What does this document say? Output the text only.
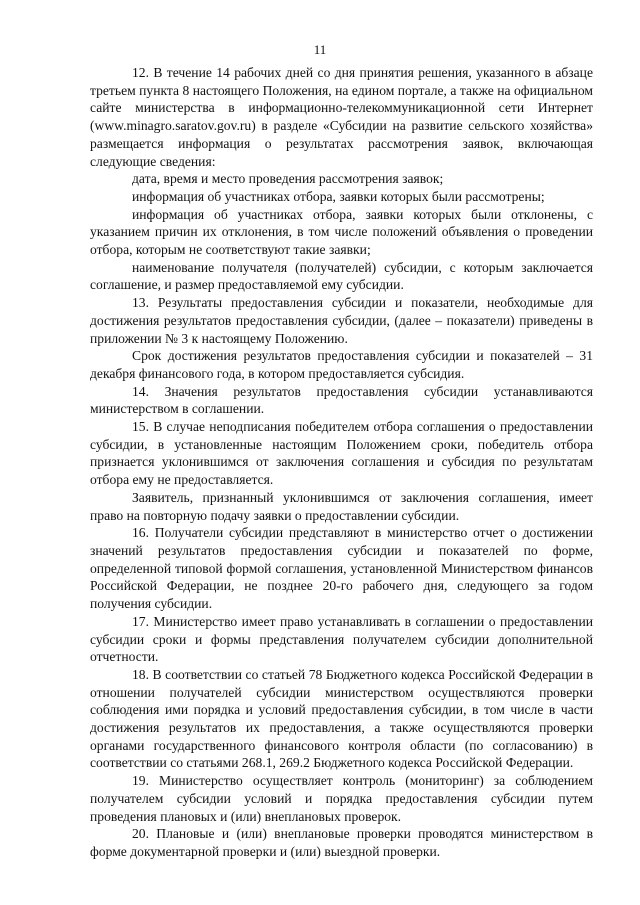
11

12. В течение 14 рабочих дней со дня принятия решения, указанного в абзаце третьем пункта 8 настоящего Положения, на едином портале, а также на официальном сайте министерства в информационно-телекоммуникационной сети Интернет (www.minagro.saratov.gov.ru) в разделе «Субсидии на развитие сельского хозяйства» размещается информация о результатах рассмотрения заявок, включающая следующие сведения:

дата, время и место проведения рассмотрения заявок;

информация об участниках отбора, заявки которых были рассмотрены;

информация об участниках отбора, заявки которых были отклонены, с указанием причин их отклонения, в том числе положений объявления о проведении отбора, которым не соответствуют такие заявки;

наименование получателя (получателей) субсидии, с которым заключается соглашение, и размер предоставляемой ему субсидии.

13. Результаты предоставления субсидии и показатели, необходимые для достижения результатов предоставления субсидии, (далее – показатели) приведены в приложении № 3 к настоящему Положению.

Срок достижения результатов предоставления субсидии и показателей – 31 декабря финансового года, в котором предоставляется субсидия.

14. Значения результатов предоставления субсидии устанавливаются министерством в соглашении.

15. В случае неподписания победителем отбора соглашения о предоставлении субсидии, в установленные настоящим Положением сроки, победитель отбора признается уклонившимся от заключения соглашения и субсидия по результатам отбора ему не предоставляется.

Заявитель, признанный уклонившимся от заключения соглашения, имеет право на повторную подачу заявки о предоставлении субсидии.

16. Получатели субсидии представляют в министерство отчет о достижении значений результатов предоставления субсидии и показателей по форме, определенной типовой формой соглашения, установленной Министерством финансов Российской Федерации, не позднее 20-го рабочего дня, следующего за годом получения субсидии.

17. Министерство имеет право устанавливать в соглашении о предоставлении субсидии сроки и формы представления получателем субсидии дополнительной отчетности.

18. В соответствии со статьей 78 Бюджетного кодекса Российской Федерации в отношении получателей субсидии министерством осуществляются проверки соблюдения ими порядка и условий предоставления субсидии, в том числе в части достижения результатов их предоставления, а также осуществляются проверки органами государственного финансового контроля области (по согласованию) в соответствии со статьями 268.1, 269.2 Бюджетного кодекса Российской Федерации.

19. Министерство осуществляет контроль (мониторинг) за соблюдением получателем субсидии условий и порядка предоставления субсидии путем проведения плановых и (или) внеплановых проверок.

20. Плановые и (или) внеплановые проверки проводятся министерством в форме документарной проверки и (или) выездной проверки.
